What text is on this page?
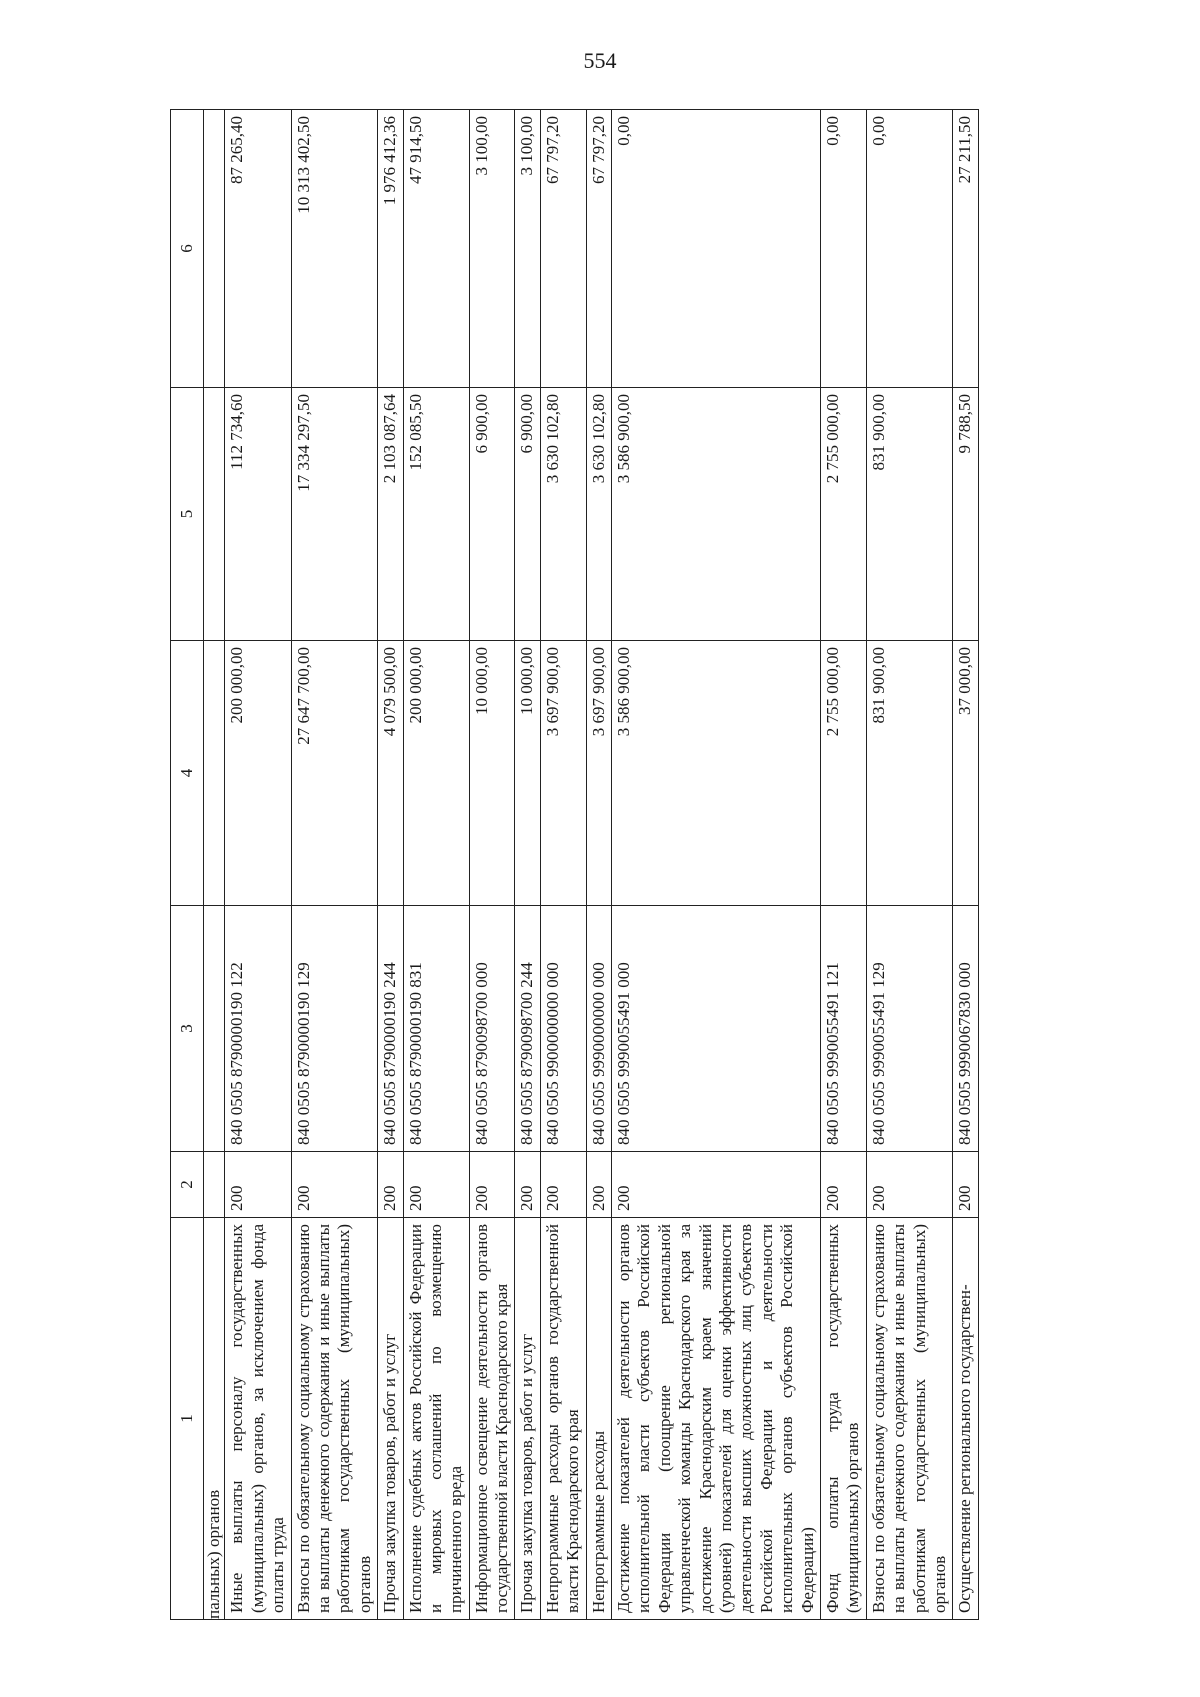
554
1	2	3	4	5	6
пальных) органов					
Иные выплаты персоналу государственных (муниципальных) органов, за исключением фонда оплаты труда	200	840 0505 8790000190 122	200 000,00	112 734,60	87 265,40
Взносы по обязательному социальному страхованию на выплаты денежного содержания и иные выплаты работникам государственных (муниципальных) органов	200	840 0505 8790000190 129	27 647 700,00	17 334 297,50	10 313 402,50
Прочая закупка товаров, работ и услуг	200	840 0505 8790000190 244	4 079 500,00	2 103 087,64	1 976 412,36
Исполнение судебных актов Российской Федерации и мировых соглашений по возмещению причиненного вреда	200	840 0505 8790000190 831	200 000,00	152 085,50	47 914,50
Информационное освещение деятельности органов государственной власти Краснодарского края	200	840 0505 8790098700 000	10 000,00	6 900,00	3 100,00
Прочая закупка товаров, работ и услуг	200	840 0505 8790098700 244	10 000,00	6 900,00	3 100,00
Непрограммные расходы органов государственной власти Краснодарского края	200	840 0505 9900000000 000	3 697 900,00	3 630 102,80	67 797,20
Непрограммные расходы	200	840 0505 9990000000 000	3 697 900,00	3 630 102,80	67 797,20
Достижение показателей деятельности органов исполнительной власти субъектов Российской Федерации (поощрение региональной управленческой команды Краснодарского края за достижение Краснодарским краем значений (уровней) показателей для оценки эффективности деятельности высших должностных лиц субъектов Российской Федерации и деятельности исполнительных органов субъектов Российской Федерации)	200	840 0505 9990055491 000	3 586 900,00	3 586 900,00	0,00
Фонд оплаты труда государственных (муниципальных) органов	200	840 0505 9990055491 121	2 755 000,00	2 755 000,00	0,00
Взносы по обязательному социальному страхованию на выплаты денежного содержания и иные выплаты работникам государственных (муниципальных) органов	200	840 0505 9990055491 129	831 900,00	831 900,00	0,00
Осуществление регионального государствен-	200	840 0505 9990067830 000	37 000,00	9 788,50	27 211,50
